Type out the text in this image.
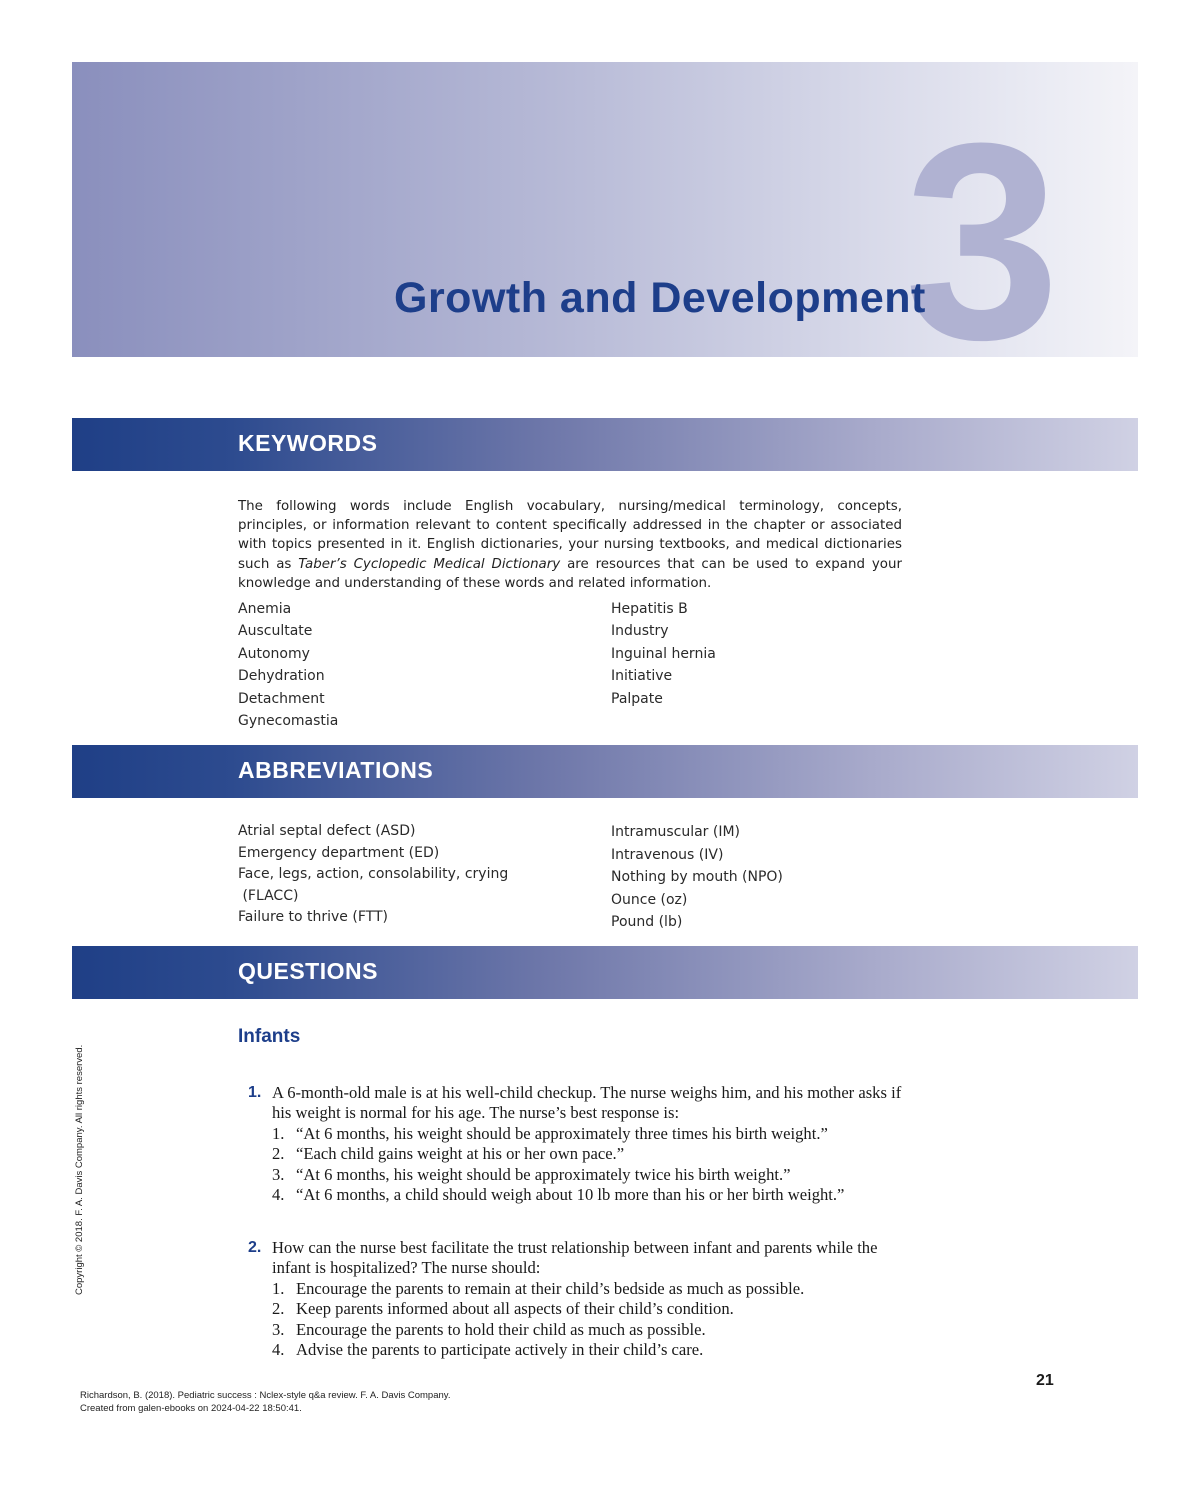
3
Growth and Development
KEYWORDS
The following words include English vocabulary, nursing/medical terminology, concepts, principles, or information relevant to content specifically addressed in the chapter or associated with topics presented in it. English dictionaries, your nursing textbooks, and medical dictionaries such as Taber’s Cyclopedic Medical Dictionary are resources that can be used to expand your knowledge and understanding of these words and related information.
Anemia
Auscultate
Autonomy
Dehydration
Detachment
Gynecomastia
Hepatitis B
Industry
Inguinal hernia
Initiative
Palpate
ABBREVIATIONS
Atrial septal defect (ASD)
Emergency department (ED)
Face, legs, action, consolability, crying
(FLACC)
Failure to thrive (FTT)
Intramuscular (IM)
Intravenous (IV)
Nothing by mouth (NPO)
Ounce (oz)
Pound (lb)
QUESTIONS
Infants
1. A 6-month-old male is at his well-child checkup. The nurse weighs him, and his mother asks if his weight is normal for his age. The nurse’s best response is:
1. “At 6 months, his weight should be approximately three times his birth weight.”
2. “Each child gains weight at his or her own pace.”
3. “At 6 months, his weight should be approximately twice his birth weight.”
4. “At 6 months, a child should weigh about 10 lb more than his or her birth weight.”
2. How can the nurse best facilitate the trust relationship between infant and parents while the infant is hospitalized? The nurse should:
1. Encourage the parents to remain at their child’s bedside as much as possible.
2. Keep parents informed about all aspects of their child’s condition.
3. Encourage the parents to hold their child as much as possible.
4. Advise the parents to participate actively in their child’s care.
21
Copyright © 2018. F. A. Davis Company. All rights reserved.
Richardson, B. (2018). Pediatric success : Nclex-style q&a review. F. A. Davis Company.
Created from galen-ebooks on 2024-04-22 18:50:41.
